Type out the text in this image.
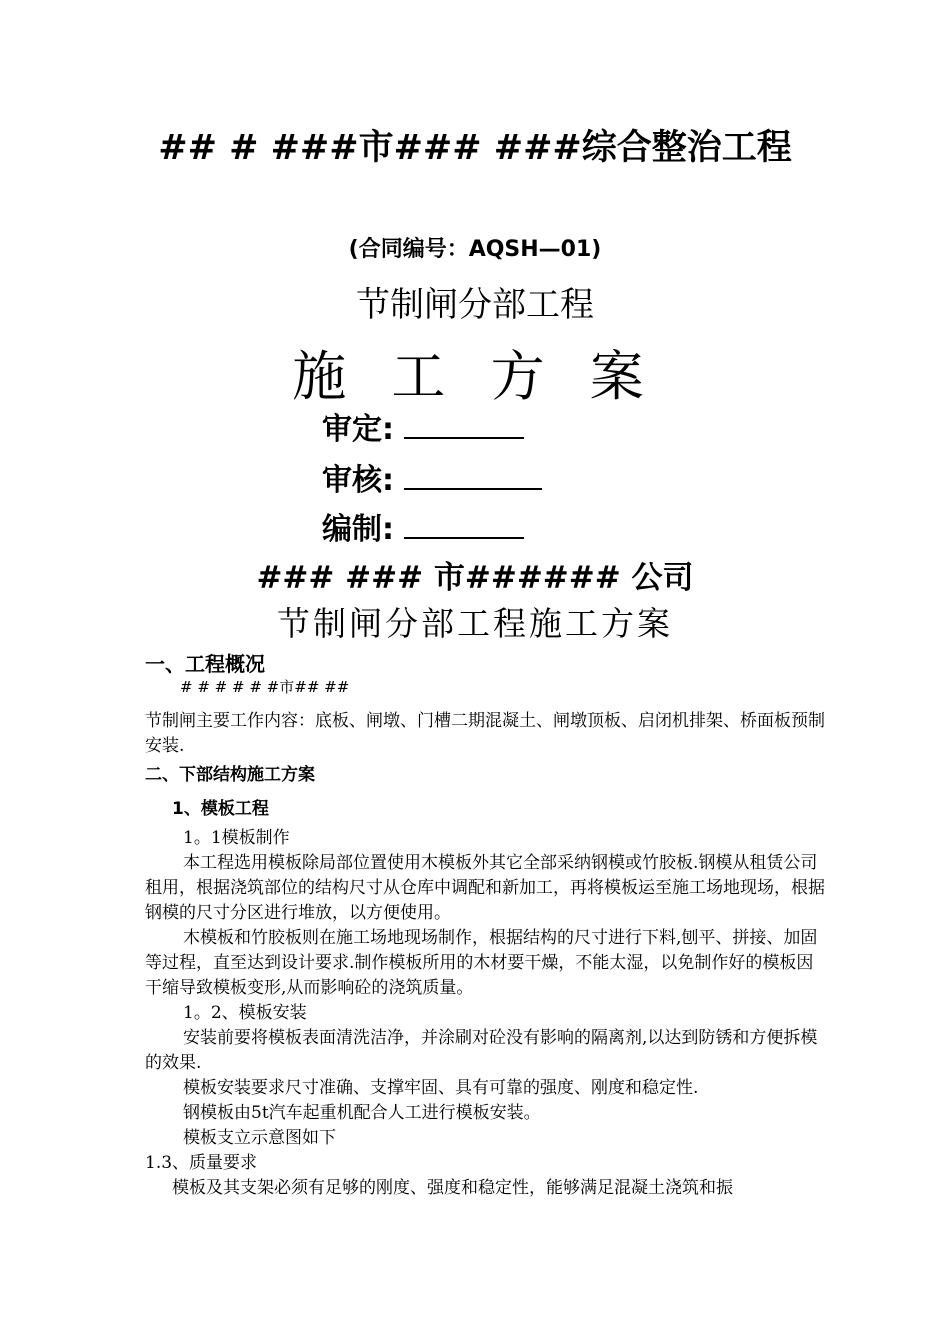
## # ###市### ###综合整治工程
(合同编号：AQSH—01)
节制闸分部工程
施 工 方 案
审定:
审核:
编制:
### ### 市###### 公司
节制闸分部工程施工方案
一、工程概况
# # # # # #市## ##
节制闸主要工作内容：底板、闸墩、门槽二期混凝土、闸墩顶板、启闭机排架、桥面板预制安装.
二、下部结构施工方案
1、模板工程
1。1模板制作
本工程选用模板除局部位置使用木模板外其它全部采纳钢模或竹胶板.钢模从租赁公司租用，根据浇筑部位的结构尺寸从仓库中调配和新加工，再将模板运至施工场地现场，根据钢模的尺寸分区进行堆放，以方便使用。
木模板和竹胶板则在施工场地现场制作，根据结构的尺寸进行下料,刨平、拼接、加固等过程，直至达到设计要求.制作模板所用的木材要干燥，不能太湿，以免制作好的模板因干缩导致模板变形,从而影响砼的浇筑质量。
1。2、模板安装
安装前要将模板表面清洗洁净，并涂刷对砼没有影响的隔离剂,以达到防锈和方便拆模的效果.
模板安装要求尺寸准确、支撑牢固、具有可靠的强度、刚度和稳定性.
钢模板由5t汽车起重机配合人工进行模板安装。
模板支立示意图如下
1.3、质量要求
模板及其支架必须有足够的刚度、强度和稳定性，能够满足混凝土浇筑和振
